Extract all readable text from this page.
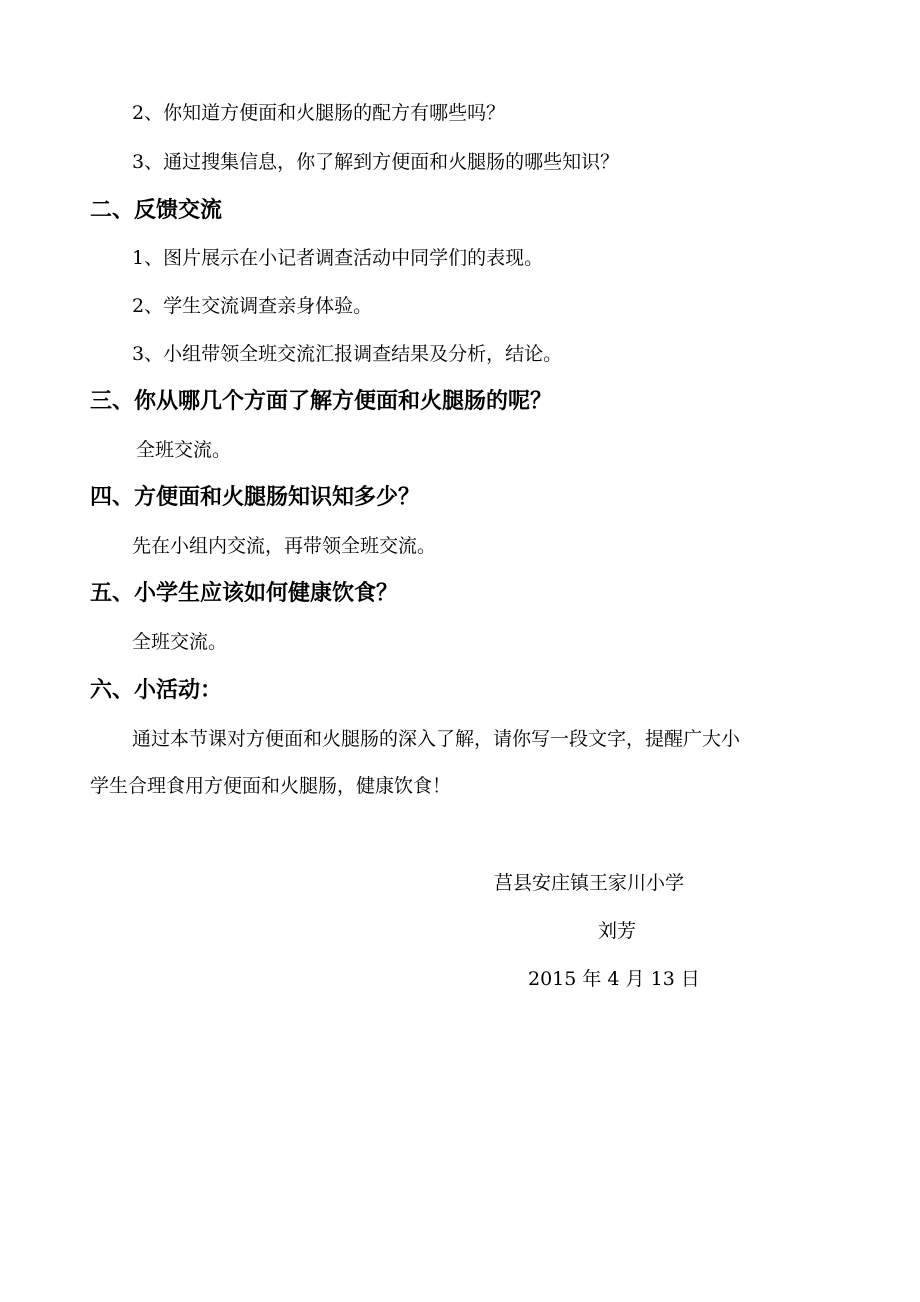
2、你知道方便面和火腿肠的配方有哪些吗？
3、通过搜集信息，你了解到方便面和火腿肠的哪些知识？
二、反馈交流
1、图片展示在小记者调查活动中同学们的表现。
2、学生交流调查亲身体验。
3、小组带领全班交流汇报调查结果及分析，结论。
三、你从哪几个方面了解方便面和火腿肠的呢？
全班交流。
四、方便面和火腿肠知识知多少？
先在小组内交流，再带领全班交流。
五、小学生应该如何健康饮食？
全班交流。
六、小活动：
通过本节课对方便面和火腿肠的深入了解，请你写一段文字，提醒广大小
学生合理食用方便面和火腿肠，健康饮食！
莒县安庄镇王家川小学
刘芳
2015 年 4 月 13 日
